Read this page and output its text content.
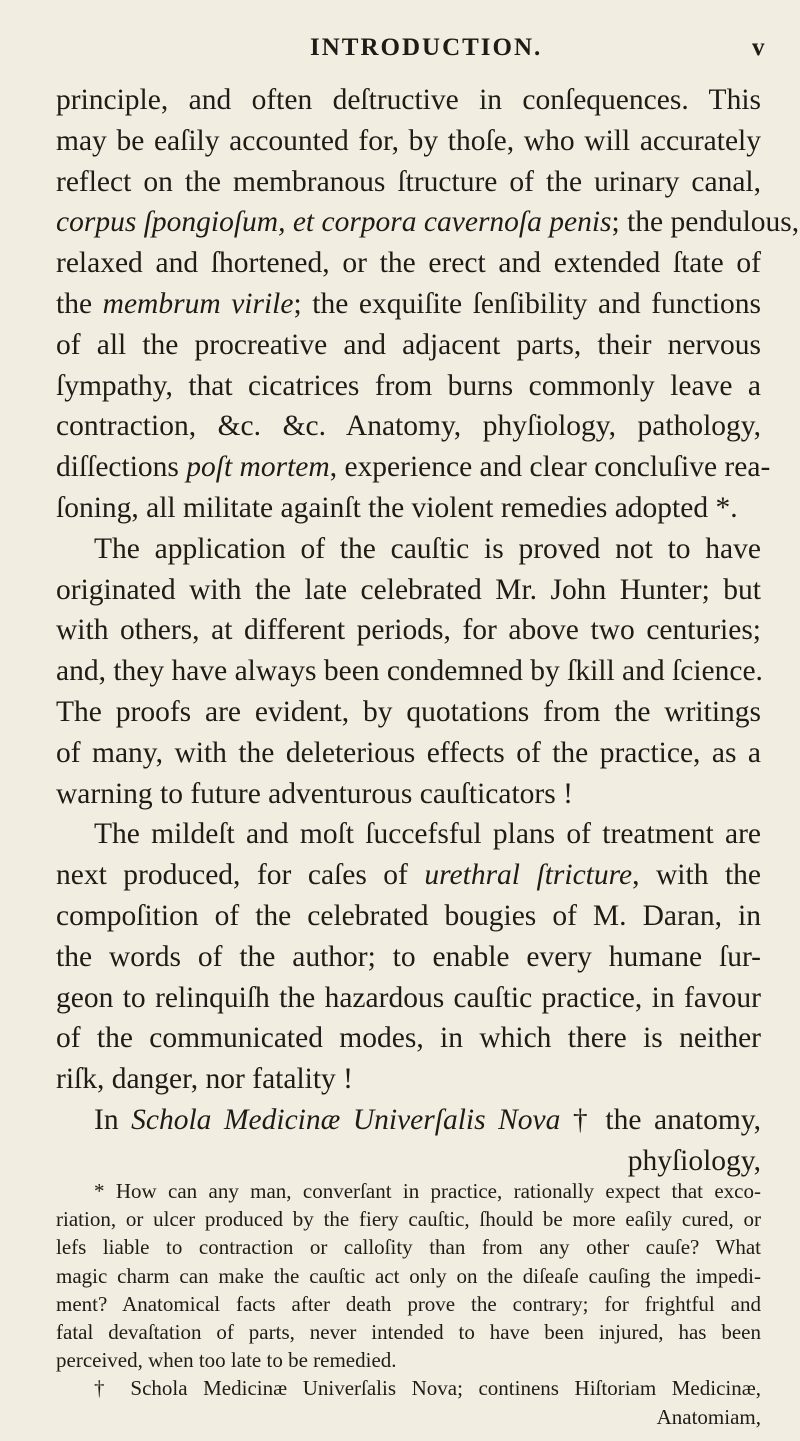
INTRODUCTION.	v
principle, and often deſtructive in conſequences. This
may be eaſily accounted for, by thoſe, who will accurately
reflect on the membranous ſtructure of the urinary canal,
corpus ſpongioſum, et corpora cavernoſa penis; the pendulous,
relaxed and ſhortened, or the erect and extended ſtate of
the membrum virile; the exquiſite ſenſibility and functions
of all the procreative and adjacent parts, their nervous
ſympathy, that cicatrices from burns commonly leave a
contraction, &c. &c. Anatomy, phyſiology, pathology,
diſſections poſt mortem, experience and clear concluſive rea-
ſoning, all militate againſt the violent remedies adopted *.
The application of the cauſtic is proved not to have
originated with the late celebrated Mr. John Hunter; but
with others, at different periods, for above two centuries;
and, they have always been condemned by ſkill and ſcience.
The proofs are evident, by quotations from the writings
of many, with the deleterious effects of the practice, as a
warning to future adventurous cauſticators !
The mildeſt and moſt ſuccefsful plans of treatment are
next produced, for caſes of urethral ſtricture, with the
compoſition of the celebrated bougies of M. Daran, in
the words of the author; to enable every humane ſur-
geon to relinquiſh the hazardous cauſtic practice, in favour
of the communicated modes, in which there is neither
riſk, danger, nor fatality !
In Schola Medicinæ Univerſalis Nova † the anatomy,
phyſiology,
* How can any man, converſant in practice, rationally expect that exco-
riation, or ulcer produced by the fiery cauſtic, ſhould be more eaſily cured, or
lefs liable to contraction or calloſity than from any other cauſe? What
magic charm can make the cauſtic act only on the diſeaſe cauſing the impedi-
ment? Anatomical facts after death prove the contrary; for frightful and
fatal devaſtation of parts, never intended to have been injured, has been
perceived, when too late to be remedied.
† Schola Medicinæ Univerſalis Nova; continens Hiſtoriam Medicinæ,
Anatomiam,
